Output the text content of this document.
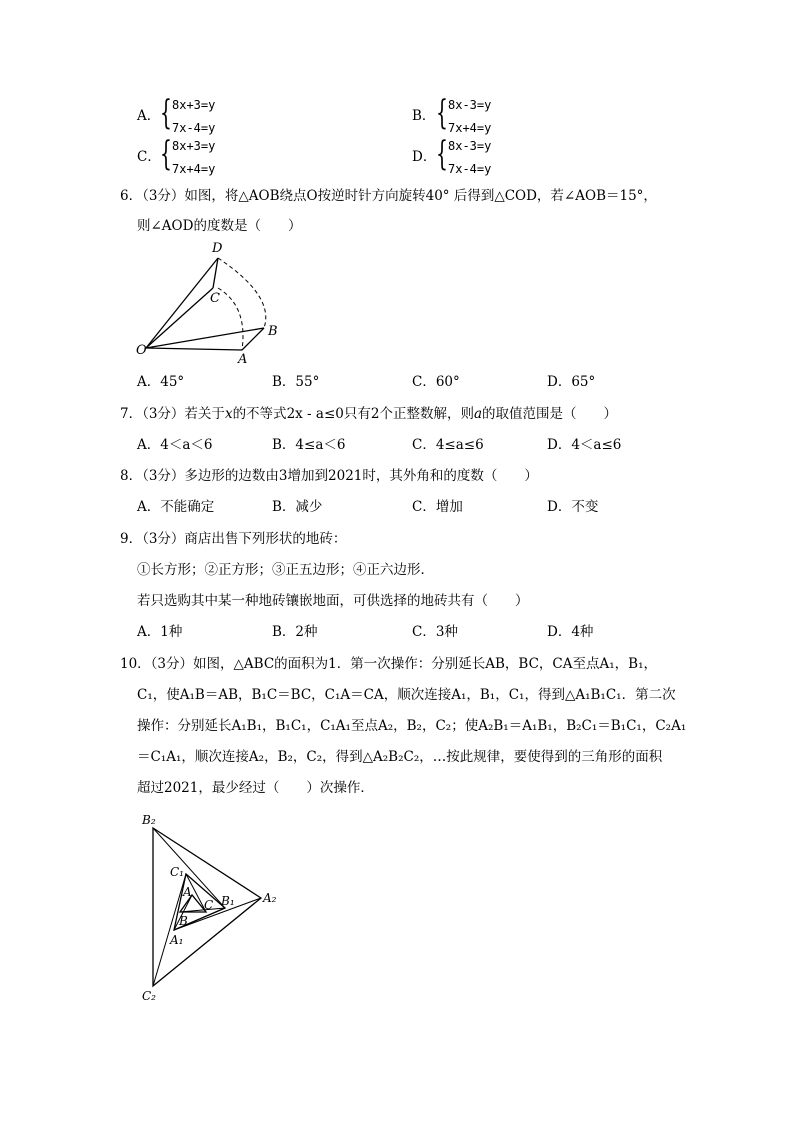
A． { 8x+3=y
7x-4=y
B． { 8x-3=y
7x+4=y
C． { 8x+3=y
7x+4=y
D． { 8x-3=y
7x-4=y
6．（3分）如图，将△AOB绕点O按逆时针方向旋转40° 后得到△COD，若∠AOB＝15°，
则∠AOD的度数是（　　）
D
C
B
O
A
A．45°	B．55°	C．60°	D．65°
7．（3分）若关于x的不等式2x - a≤0只有2个正整数解，则a的取值范围是（　　）
A．4＜a＜6	B．4≤a＜6	C．4≤a≤6	D．4＜a≤6
8．（3分）多边形的边数由3增加到2021时，其外角和的度数（　　）
A．不能确定	B．减少	C．增加	D．不变
9．（3分）商店出售下列形状的地砖：
①长方形；②正方形；③正五边形；④正六边形．
若只选购其中某一种地砖镶嵌地面，可供选择的地砖共有（　　）
A．1种	B．2种	C．3种	D．4种
10．（3分）如图，△ABC的面积为1．第一次操作：分别延长AB，BC，CA至点A₁，B₁，
C₁，使A₁B＝AB，B₁C＝BC，C₁A＝CA，顺次连接A₁，B₁，C₁，得到△A₁B₁C₁．第二次
操作：分别延长A₁B₁，B₁C₁，C₁A₁至点A₂，B₂，C₂；使A₂B₁＝A₁B₁，B₂C₁＝B₁C₁，C₂A₁
＝C₁A₁，顺次连接A₂，B₂，C₂，得到△A₂B₂C₂，…按此规律，要使得到的三角形的面积
超过2021，最少经过（　　）次操作．
B₂
C₁
A
C B₁ A₂
B
A₁
C₂
